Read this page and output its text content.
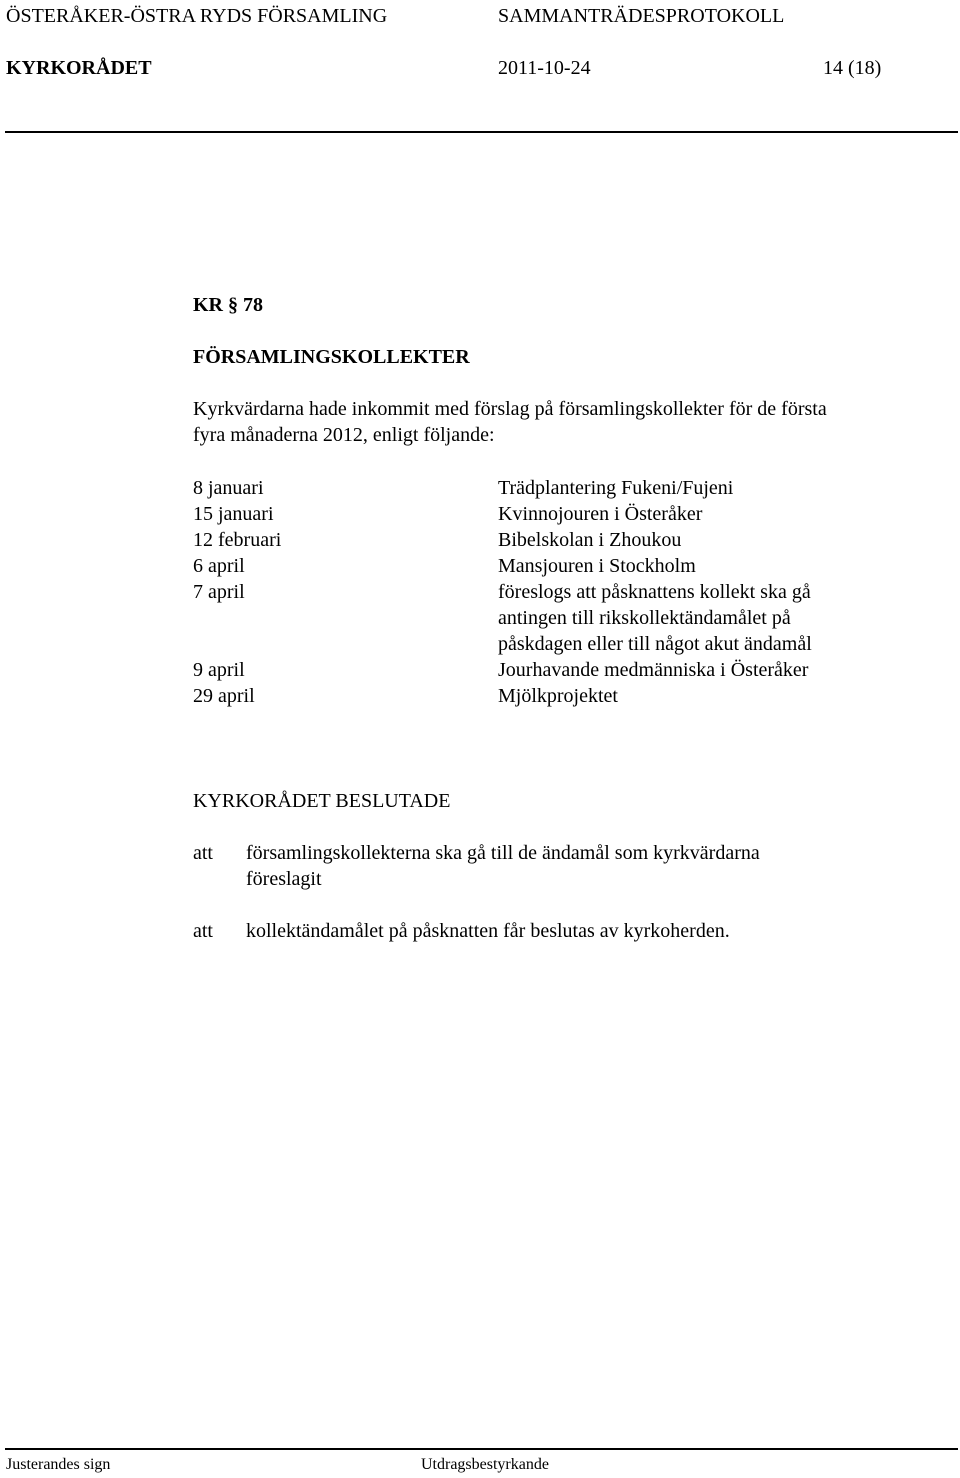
ÖSTERÅKER-ÖSTRA RYDS FÖRSAMLING	SAMMANTRÄDESPROTOKOLL
KYRKORÅDET	2011-10-24	14 (18)
KR § 78
FÖRSAMLINGSKOLLEKTER
Kyrkvärdarna hade inkommit med förslag på församlingskollekter för de första
fyra månaderna 2012, enligt följande:
8 januari	Trädplantering Fukeni/Fujeni
15 januari	Kvinnojouren i Österåker
12 februari	Bibelskolan i Zhoukou
6 april	Mansjouren i Stockholm
7 april	föreslogs att påsknattens kollekt ska gå
antingen till rikskollektändamålet på
påskdagen eller till något akut ändamål
9 april	Jourhavande medmänniska i Österåker
29 april	Mjölkprojektet
KYRKORÅDET BESLUTADE
att församlingskollekterna ska gå till de ändamål som kyrkvärdarna
föreslagit
att kollektändamålet på påsknatten får beslutas av kyrkoherden.
Justerandes sign	Utdragsbestyrkande
